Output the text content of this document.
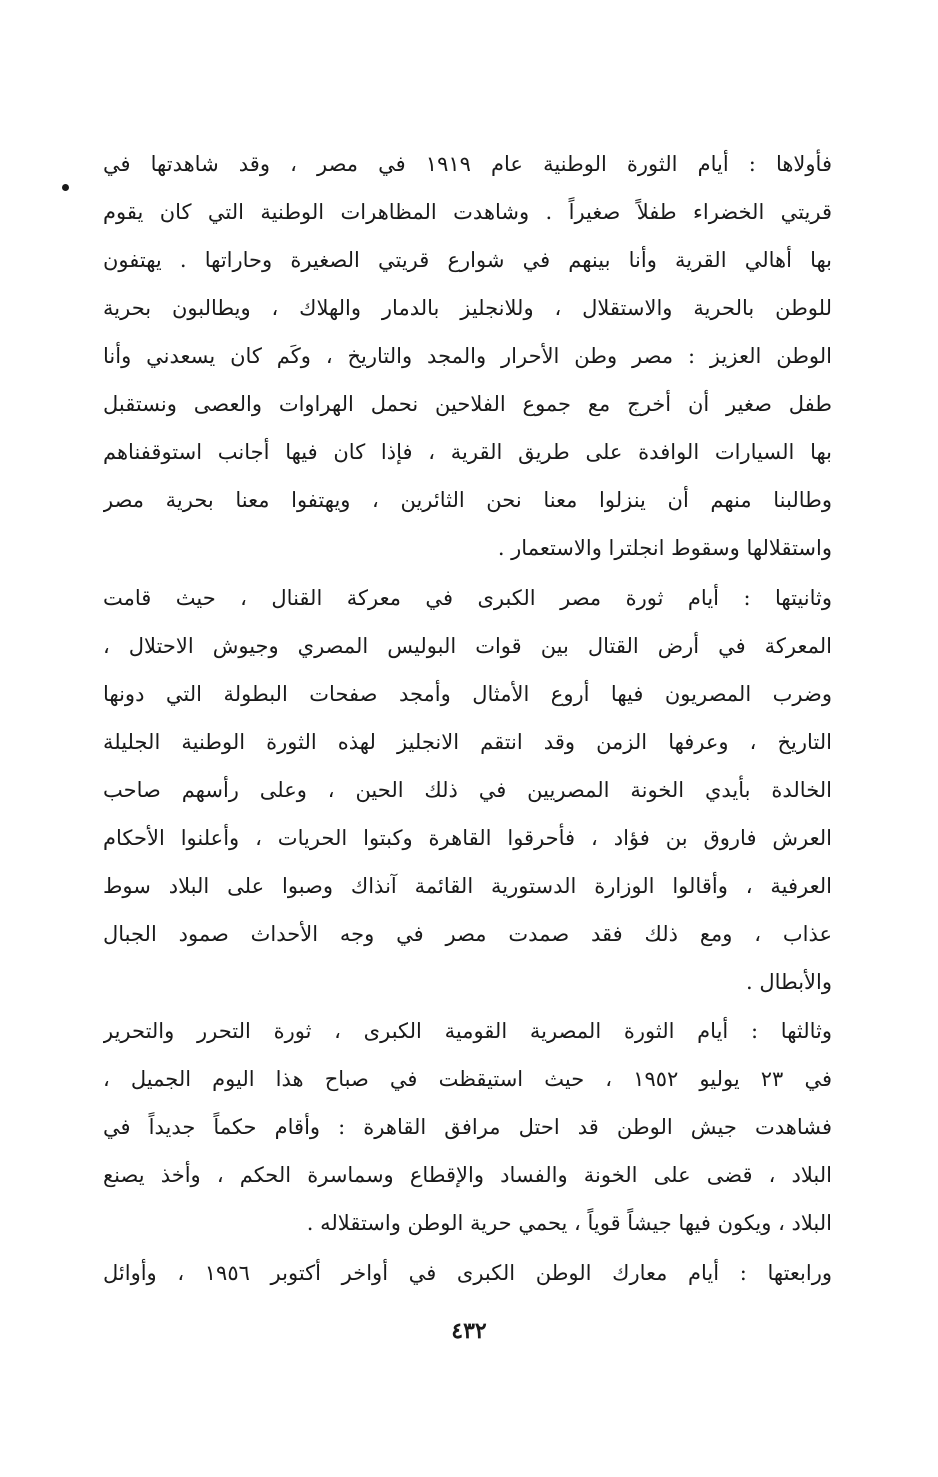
فأولاها : أيام الثورة الوطنية عام ١٩١٩ في مصر ، وقد شاهدتها في
قريتي الخضراء طفلاً صغيراً . وشاهدت المظاهرات الوطنية التي كان يقوم
بها أهالي القرية وأنا بينهم في شوارع قريتي الصغيرة وحاراتها . يهتفون
للوطن بالحرية والاستقلال ، وللانجليز بالدمار والهلاك ، ويطالبون بحرية
الوطن العزيز : مصر وطن الأحرار والمجد والتاريخ ، وكَم كان يسعدني وأنا
طفل صغير أن أخرج مع جموع الفلاحين نحمل الهراوات والعصى ونستقبل
بها السيارات الوافدة على طريق القرية ، فإذا كان فيها أجانب استوقفناهم
وطالبنا منهم أن ينزلوا معنا نحن الثائرين ، ويهتفوا معنا بحرية مصر
واستقلالها وسقوط انجلترا والاستعمار .
وثانيتها : أيام ثورة مصر الكبرى في معركة القنال ، حيث قامت
المعركة في أرض القتال بين قوات البوليس المصري وجيوش الاحتلال ،
وضرب المصريون فيها أروع الأمثال وأمجد صفحات البطولة التي دونها
التاريخ ، وعرفها الزمن وقد انتقم الانجليز لهذه الثورة الوطنية الجليلة
الخالدة بأيدي الخونة المصريين في ذلك الحين ، وعلى رأسهم صاحب
العرش فاروق بن فؤاد ، فأحرقوا القاهرة وكبتوا الحريات ، وأعلنوا الأحكام
العرفية ، وأقالوا الوزارة الدستورية القائمة آنذاك وصبوا على البلاد سوط
عذاب ، ومع ذلك فقد صمدت مصر في وجه الأحداث صمود الجبال
والأبطال .
وثالثها : أيام الثورة المصرية القومية الكبرى ، ثورة التحرر والتحرير
في ٢٣ يوليو ١٩٥٢ ، حيث استيقظت في صباح هذا اليوم الجميل ،
فشاهدت جيش الوطن قد احتل مرافق القاهرة : وأقام حكماً جديداً في
البلاد ، قضى على الخونة والفساد والإقطاع وسماسرة الحكم ، وأخذ يصنع
البلاد ، ويكون فيها جيشاً قوياً ، يحمي حرية الوطن واستقلاله .
ورابعتها : أيام معارك الوطن الكبرى في أواخر أكتوبر ١٩٥٦ ، وأوائل
٤٣٢
